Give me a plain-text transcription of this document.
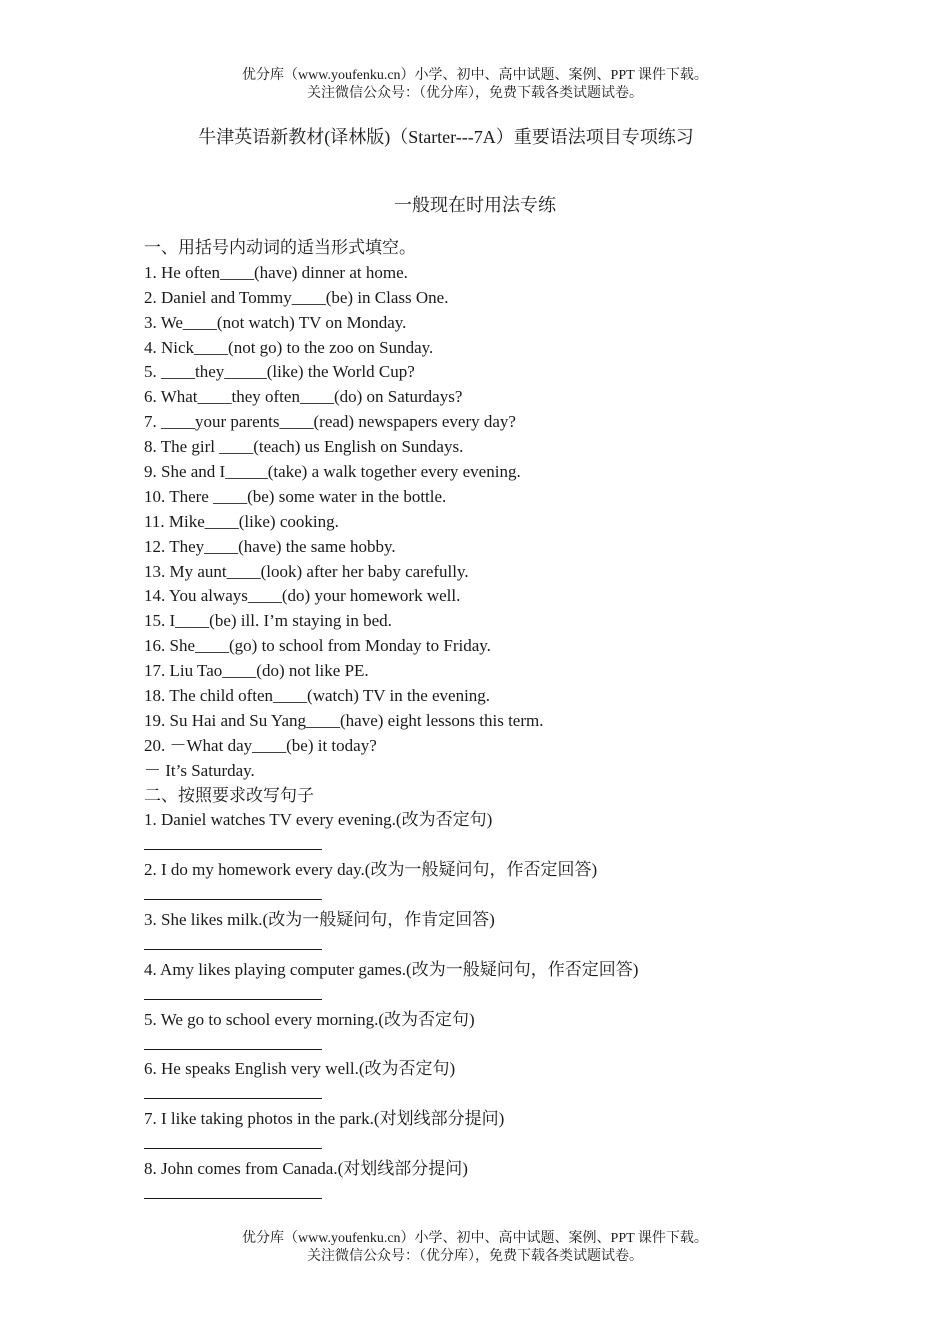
优分库（www.youfenku.cn）小学、初中、高中试题、案例、PPT 课件下载。
关注微信公众号：（优分库），免费下载各类试题试卷。
牛津英语新教材(译林版)（Starter---7A）重要语法项目专项练习
一般现在时用法专练
一、用括号内动词的适当形式填空。
1. He often____(have) dinner at home.
2. Daniel and Tommy____(be) in Class One.
3. We____(not watch) TV on Monday.
4. Nick____(not go) to the zoo on Sunday.
5. ____they_____(like) the World Cup?
6. What____they often____(do) on Saturdays?
7. ____your parents____(read) newspapers every day?
8. The girl ____(teach) us English on Sundays.
9. She and I_____(take) a walk together every evening.
10. There ____(be) some water in the bottle.
11. Mike____(like) cooking.
12. They____(have) the same hobby.
13. My aunt____(look) after her baby carefully.
14. You always____(do) your homework well.
15. I____(be) ill. I’m staying in bed.
16. She____(go) to school from Monday to Friday.
17. Liu Tao____(do) not like PE.
18. The child often____(watch) TV in the evening.
19. Su Hai and Su Yang____(have) eight lessons this term.
20. －What day____(be) it today?
－ It’s Saturday.
二、按照要求改写句子
1. Daniel watches TV every evening.(改为否定句)
2. I do my homework every day.(改为一般疑问句，作否定回答)
3. She likes milk.(改为一般疑问句，作肯定回答)
4. Amy likes playing computer games.(改为一般疑问句，作否定回答)
5. We go to school every morning.(改为否定句)
6. He speaks English very well.(改为否定句)
7. I like taking photos in the park.(对划线部分提问)
8. John comes from Canada.(对划线部分提问)
优分库（www.youfenku.cn）小学、初中、高中试题、案例、PPT 课件下载。
关注微信公众号：（优分库），免费下载各类试题试卷。
